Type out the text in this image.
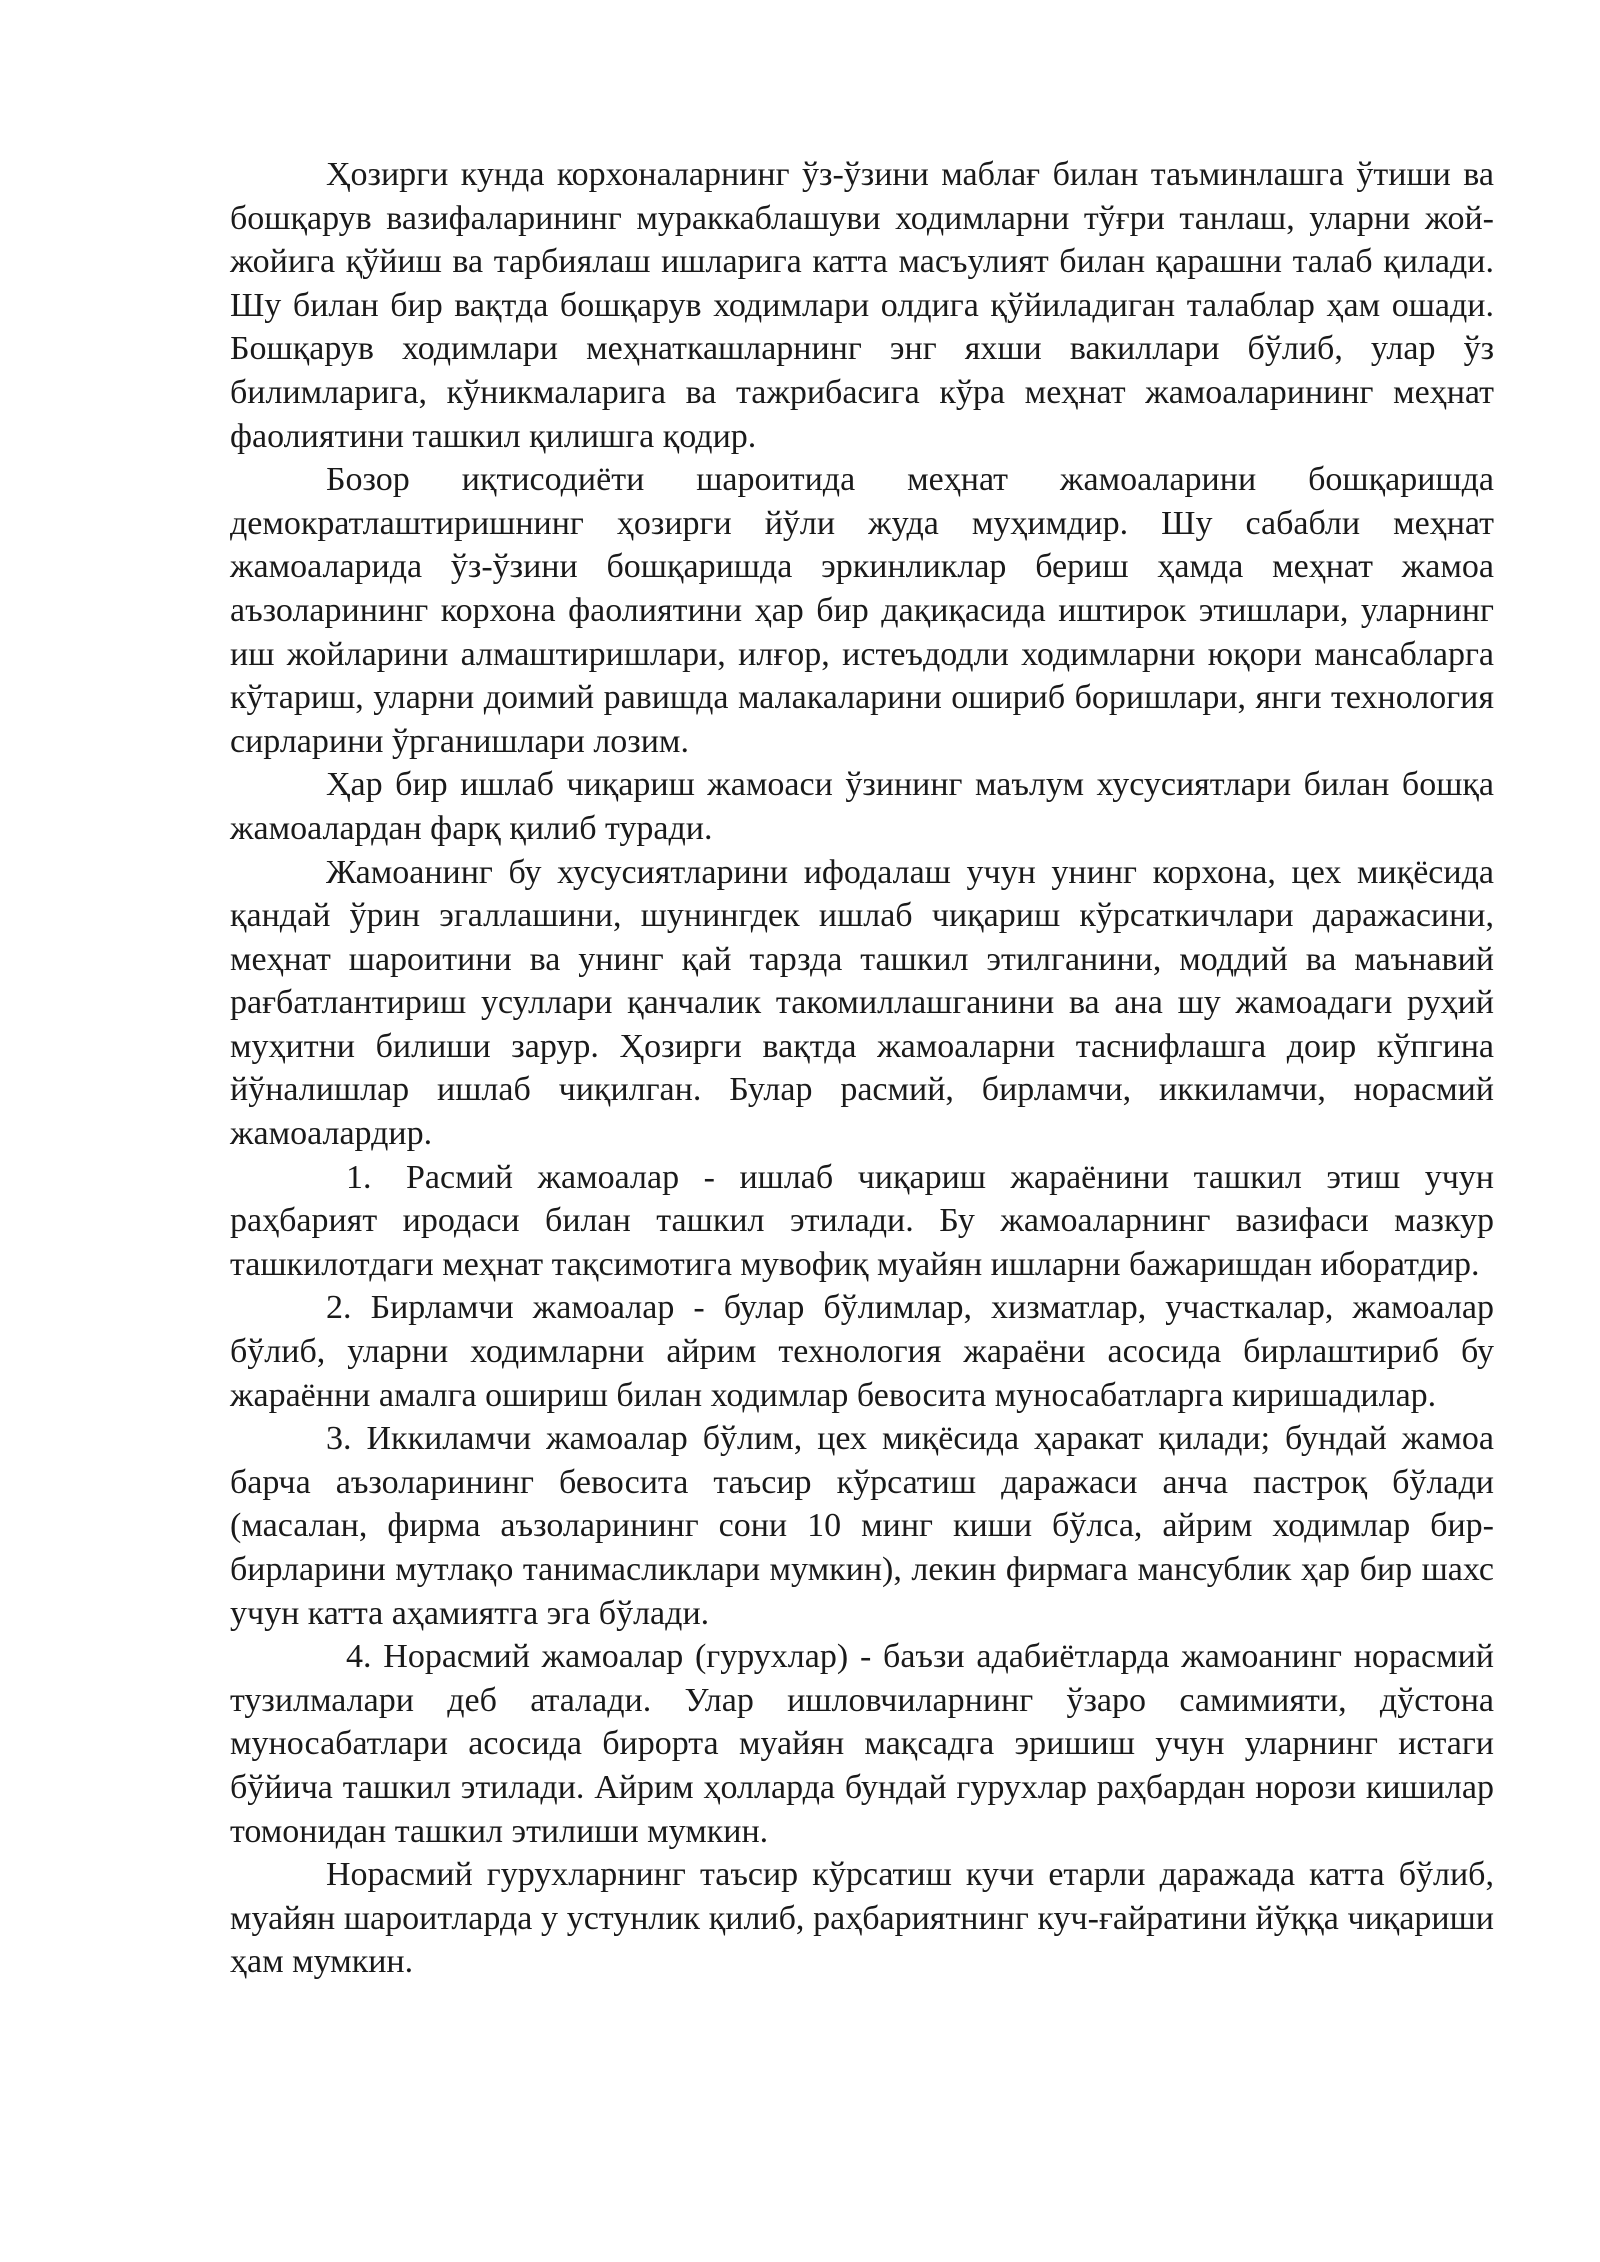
Ҳозирги кунда корхоналарнинг ўз-ўзини маблағ билан таъминлашга ўтиши ва бошқарув вазифаларининг мураккаблашуви ходимларни тўғри танлаш, уларни жой-жойига қўйиш ва тарбиялаш ишларига катта масъулият билан қарашни талаб қилади. Шу билан бир вақтда бошқарув ходимлари олдига қўйиладиган талаблар ҳам ошади. Бошқарув ходимлари меҳнаткашларнинг энг яхши вакиллари бўлиб, улар ўз билимларига, кўникмаларига ва тажрибасига кўра меҳнат жамоаларининг меҳнат фаолиятини ташкил қилишга қодир.

Бозор иқтисодиёти шароитида меҳнат жамоаларини бошқаришда демократлаштиришнинг ҳозирги йўли жуда муҳимдир. Шу сабабли меҳнат жамоаларида ўз-ўзини бошқаришда эркинликлар бериш ҳамда меҳнат жамоа аъзоларининг корхона фаолиятини ҳар бир дақиқасида иштирок этишлари, уларнинг иш жойларини алмаштиришлари, илғор, истеъдодли ходимларни юқори мансабларга кўтариш, уларни доимий равишда малакаларини ошириб боришлари, янги технология сирларини ўрганишлари лозим.

Ҳар бир ишлаб чиқариш жамоаси ўзининг маълум хусусиятлари билан бошқа жамоалардан фарқ қилиб туради.

Жамоанинг бу хусусиятларини ифодалаш учун унинг корхона, цех миқёсида қандай ўрин эгаллашини, шунингдек ишлаб чиқариш кўрсаткичлари даражасини, меҳнат шароитини ва унинг қай тарзда ташкил этилганини, моддий ва маънавий рағбатлантириш усуллари қанчалик такомиллашганини ва ана шу жамоадаги руҳий муҳитни билиши зарур. Ҳозирги вақтда жамоаларни таснифлашга доир кўпгина йўналишлар ишлаб чиқилган. Булар расмий, бирламчи, иккиламчи, норасмий жамоалардир.

1. Расмий жамоалар - ишлаб чиқариш жараёнини ташкил этиш учун раҳбарият иродаси билан ташкил этилади. Бу жамоаларнинг вазифаси мазкур ташкилотдаги меҳнат тақсимотига мувофиқ муайян ишларни бажаришдан иборатдир.

2. Бирламчи жамоалар - булар бўлимлар, хизматлар, участкалар, жамоалар бўлиб, уларни ходимларни айрим технология жараёни асосида бирлаштириб бу жараённи амалга ошириш билан ходимлар бевосита муносабатларга киришадилар.

3. Иккиламчи жамоалар бўлим, цех миқёсида ҳаракат қилади; бундай жамоа барча аъзоларининг бевосита таъсир кўрсатиш даражаси анча пастроқ бўлади (масалан, фирма аъзоларининг сони 10 минг киши бўлса, айрим ходимлар бир-бирларини мутлақо танимасликлари мумкин), лекин фирмага мансублик ҳар бир шахс учун катта аҳамиятга эга бўлади.

4. Норасмий жамоалар (гурухлар) - баъзи адабиётларда жамоанинг норасмий тузилмалари деб аталади. Улар ишловчиларнинг ўзаро самимияти, дўстона муносабатлари асосида бирорта муайян мақсадга эришиш учун уларнинг истаги бўйича ташкил этилади. Айрим ҳолларда бундай гурухлар раҳбардан норози кишилар томонидан ташкил этилиши мумкин.

Норасмий гурухларнинг таъсир кўрсатиш кучи етарли даражада катта бўлиб, муайян шароитларда у устунлик қилиб, раҳбариятнинг куч-ғайратини йўққа чиқариши ҳам мумкин.
